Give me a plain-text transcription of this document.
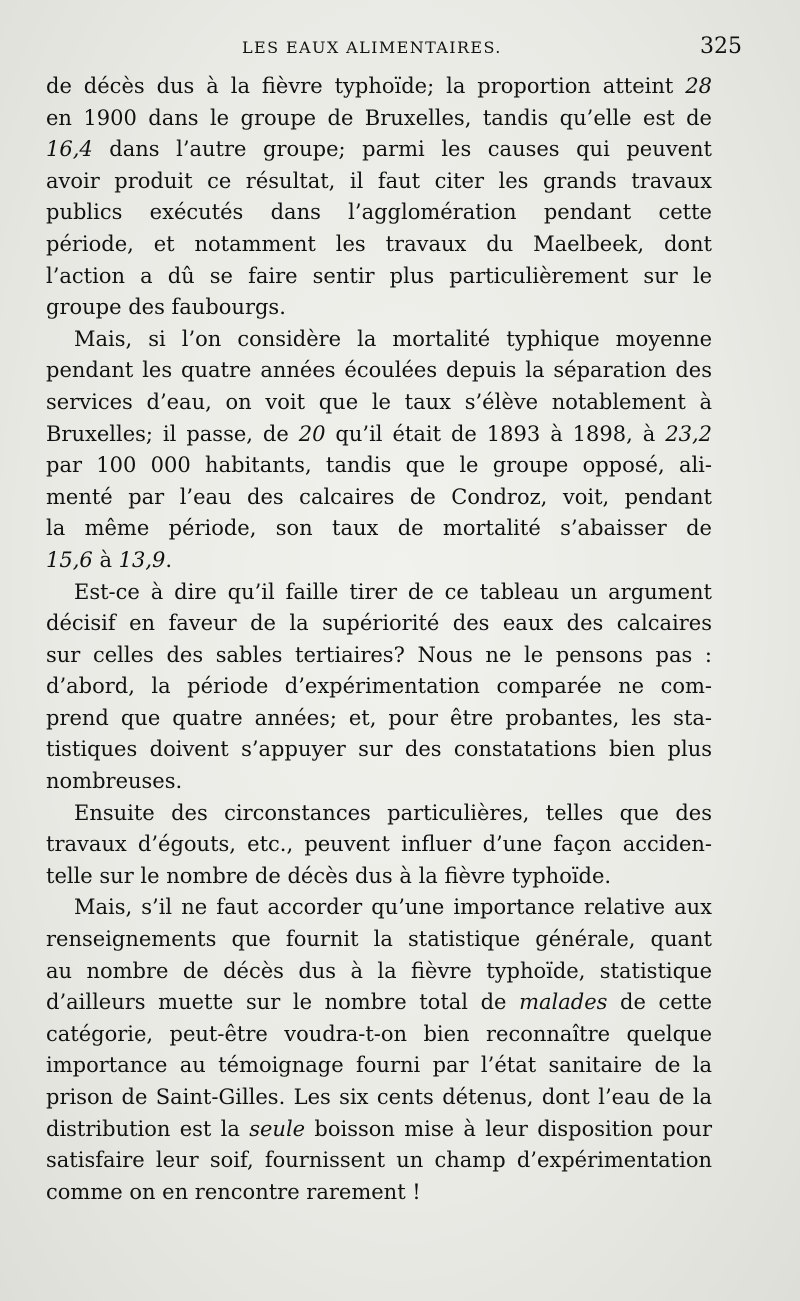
LES EAUX ALIMENTAIRES.	325
de décès dus à la fièvre typhoïde; la proportion atteint 28
en 1900 dans le groupe de Bruxelles, tandis qu’elle est de
16,4 dans l’autre groupe; parmi les causes qui peuvent
avoir produit ce résultat, il faut citer les grands travaux
publics exécutés dans l’agglomération pendant cette
période, et notamment les travaux du Maelbeek, dont
l’action a dû se faire sentir plus particulièrement sur le
groupe des faubourgs.
Mais, si l’on considère la mortalité typhique moyenne
pendant les quatre années écoulées depuis la séparation des
services d’eau, on voit que le taux s’élève notablement à
Bruxelles; il passe, de 20 qu’il était de 1893 à 1898, à 23,2
par 100 000 habitants, tandis que le groupe opposé, ali-
menté par l’eau des calcaires de Condroz, voit, pendant
la même période, son taux de mortalité s’abaisser de
15,6 à 13,9.
Est-ce à dire qu’il faille tirer de ce tableau un argument
décisif en faveur de la supériorité des eaux des calcaires
sur celles des sables tertiaires? Nous ne le pensons pas :
d’abord, la période d’expérimentation comparée ne com-
prend que quatre années; et, pour être probantes, les sta-
tistiques doivent s’appuyer sur des constatations bien plus
nombreuses.
Ensuite des circonstances particulières, telles que des
travaux d’égouts, etc., peuvent influer d’une façon acciden-
telle sur le nombre de décès dus à la fièvre typhoïde.
Mais, s’il ne faut accorder qu’une importance relative aux
renseignements que fournit la statistique générale, quant
au nombre de décès dus à la fièvre typhoïde, statistique
d’ailleurs muette sur le nombre total de malades de cette
catégorie, peut-être voudra-t-on bien reconnaître quelque
importance au témoignage fourni par l’état sanitaire de la
prison de Saint-Gilles. Les six cents détenus, dont l’eau de la
distribution est la seule boisson mise à leur disposition pour
satisfaire leur soif, fournissent un champ d’expérimentation
comme on en rencontre rarement !
